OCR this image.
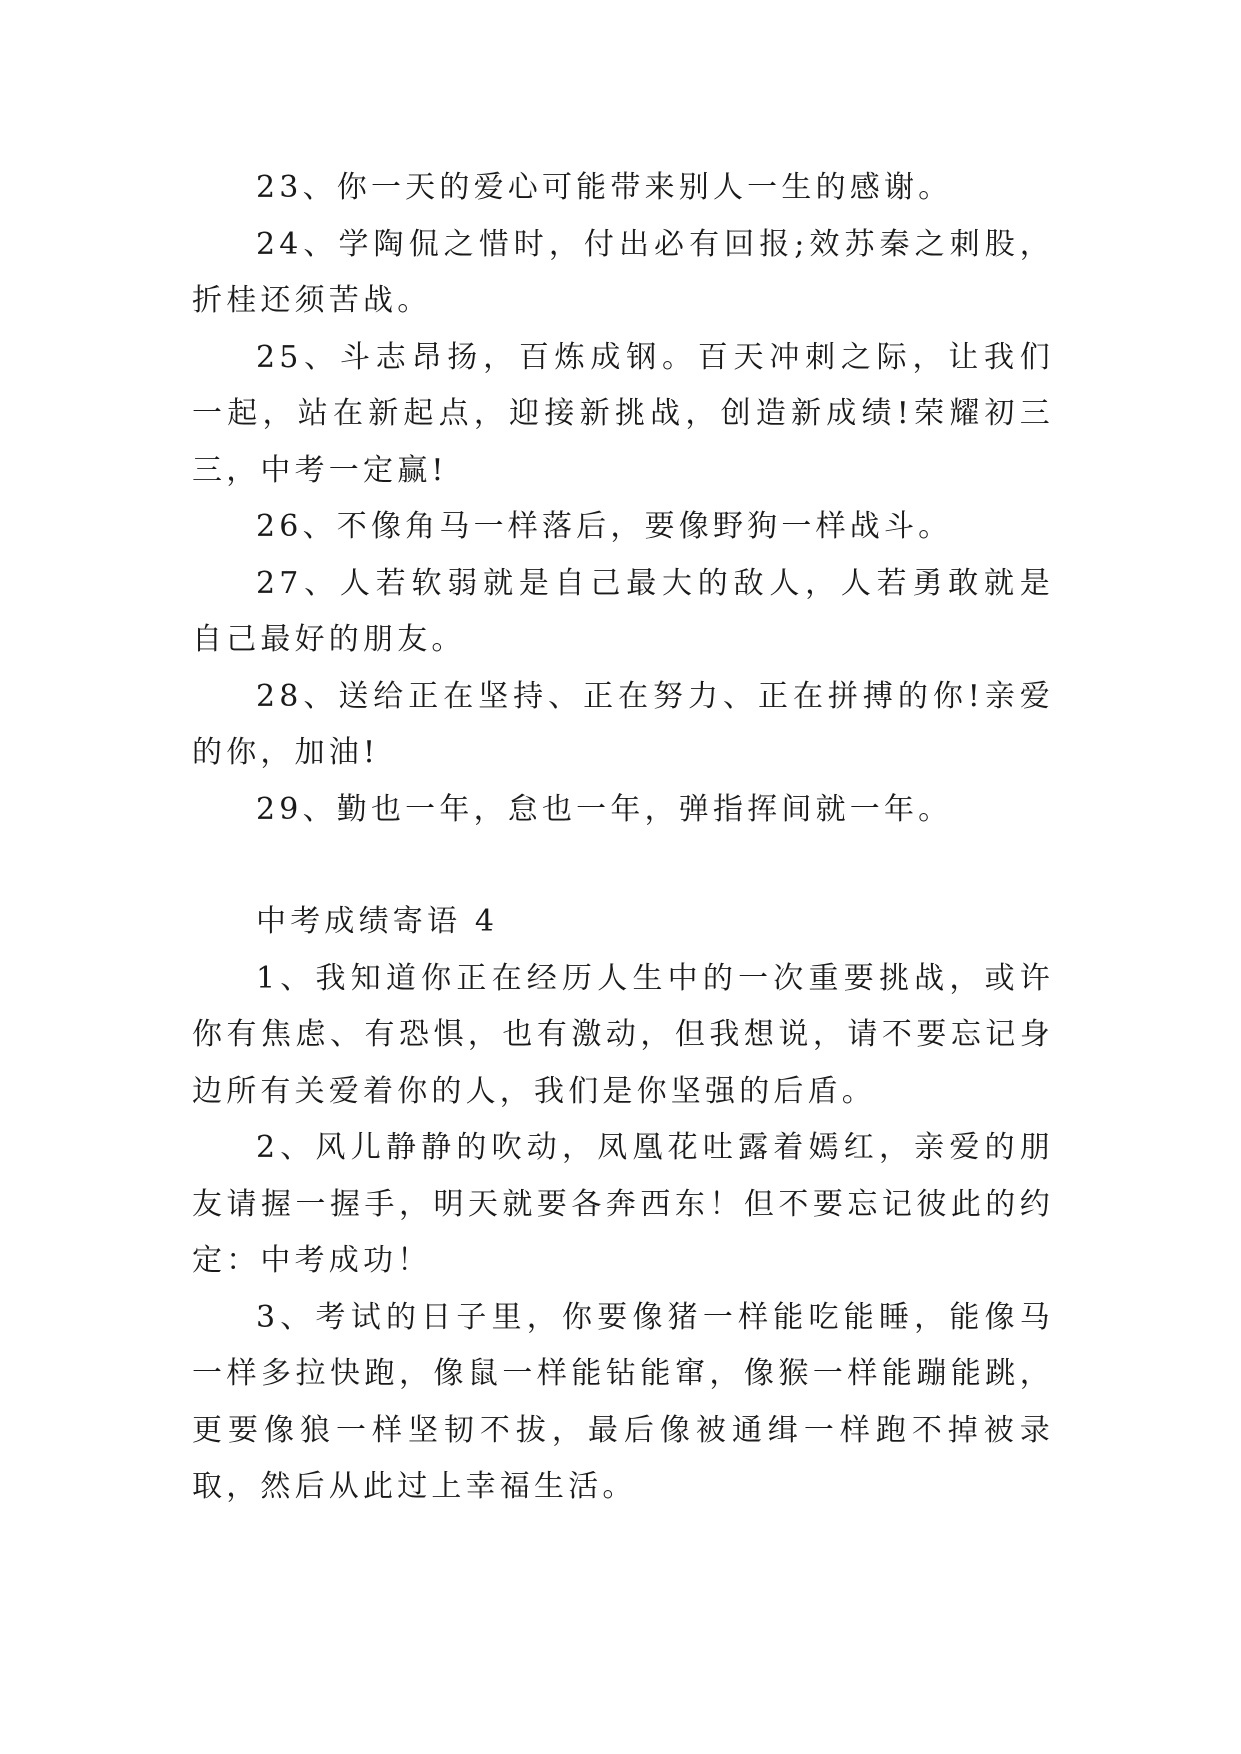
23、你一天的爱心可能带来别人一生的感谢。

24、学陶侃之惜时，付出必有回报;效苏秦之刺股，折桂还须苦战。

25、斗志昂扬，百炼成钢。百天冲刺之际，让我们一起，站在新起点，迎接新挑战，创造新成绩!荣耀初三三，中考一定赢!

26、不像角马一样落后，要像野狗一样战斗。

27、人若软弱就是自己最大的敌人，人若勇敢就是自己最好的朋友。

28、送给正在坚持、正在努力、正在拼搏的你!亲爱的你，加油!

29、勤也一年，怠也一年，弹指挥间就一年。

中考成绩寄语 4

1、我知道你正在经历人生中的一次重要挑战，或许你有焦虑、有恐惧，也有激动，但我想说，请不要忘记身边所有关爱着你的人，我们是你坚强的后盾。

2、风儿静静的吹动，凤凰花吐露着嫣红，亲爱的朋友请握一握手，明天就要各奔西东！但不要忘记彼此的约定：中考成功！

3、考试的日子里，你要像猪一样能吃能睡，能像马一样多拉快跑，像鼠一样能钻能窜，像猴一样能蹦能跳，更要像狼一样坚韧不拔，最后像被通缉一样跑不掉被录取，然后从此过上幸福生活。
